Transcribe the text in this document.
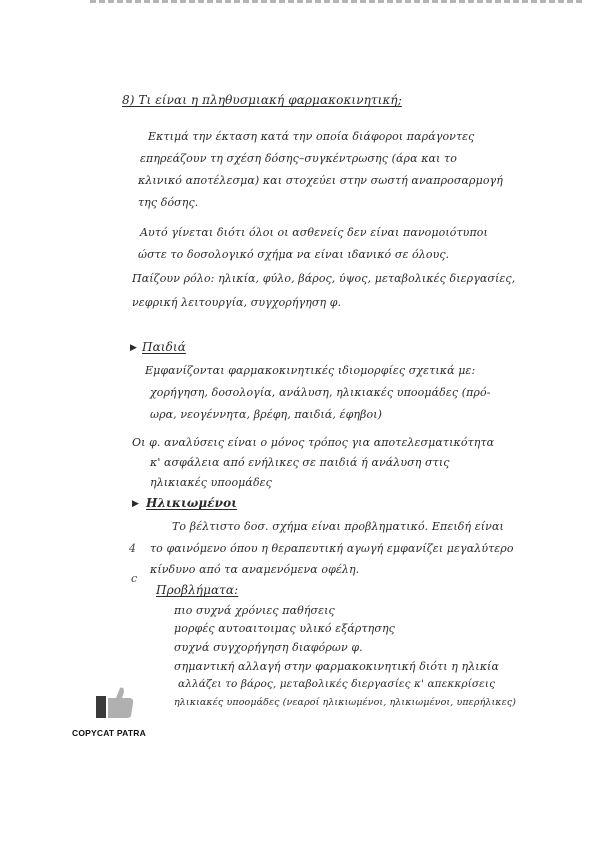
8) Τι είναι η πληθυσμιακή φαρμακοκινητική;

Εκτιμά την έκταση κατά την οποία διάφοροι παράγοντες

επηρεάζουν τη σχέση δόσης–συγκέντρωσης (άρα και το

κλινικό αποτέλεσμα) και στοχεύει στην σωστή αναπροσαρμογή

της δόσης.

Αυτό γίνεται διότι όλοι οι ασθενείς δεν είναι πανομοιότυποι

ώστε το δοσολογικό σχήμα να είναι ιδανικό σε όλους.

Παίζουν ρόλο: ηλικία, φύλο, βάρος, ύψος, μεταβολικές διεργασίες,

νεφρική λειτουργία, συγχορήγηση φ.

▶ Παιδιά

Εμφανίζονται φαρμακοκινητικές ιδιομορφίες σχετικά με:

χορήγηση, δοσολογία, ανάλυση, ηλικιακές υποομάδες (πρό-

ωρα, νεογέννητα, βρέφη, παιδιά, έφηβοι)

Οι φ. αναλύσεις είναι ο μόνος τρόπος για αποτελεσματικότητα

κ' ασφάλεια από ενήλικες σε παιδιά ή ανάλυση στις

ηλικιακές υποομάδες

▶ Ηλικιωμένοι

Το βέλτιστο δοσ. σχήμα είναι προβληματικό. Επειδή είναι

το φαινόμενο όπου η θεραπευτική αγωγή εμφανίζει μεγαλύτερο

κίνδυνο από τα αναμενόμενα οφέλη.

4
c

Προβλήματα:

πιο συχνά χρόνιες παθήσεις

μορφές αυτοαιτοιμας υλικό εξάρτησης

συχνά συγχορήγηση διαφόρων φ.

σημαντική αλλαγή στην φαρμακοκινητική διότι η ηλικία

αλλάζει το βάρος, μεταβολικές διεργασίες κ' απεκκρίσεις

ηλικιακές υποομάδες (νεαροί ηλικιωμένοι, ηλικιωμένοι, υπερήλικες)

COPYCAT PATRA
